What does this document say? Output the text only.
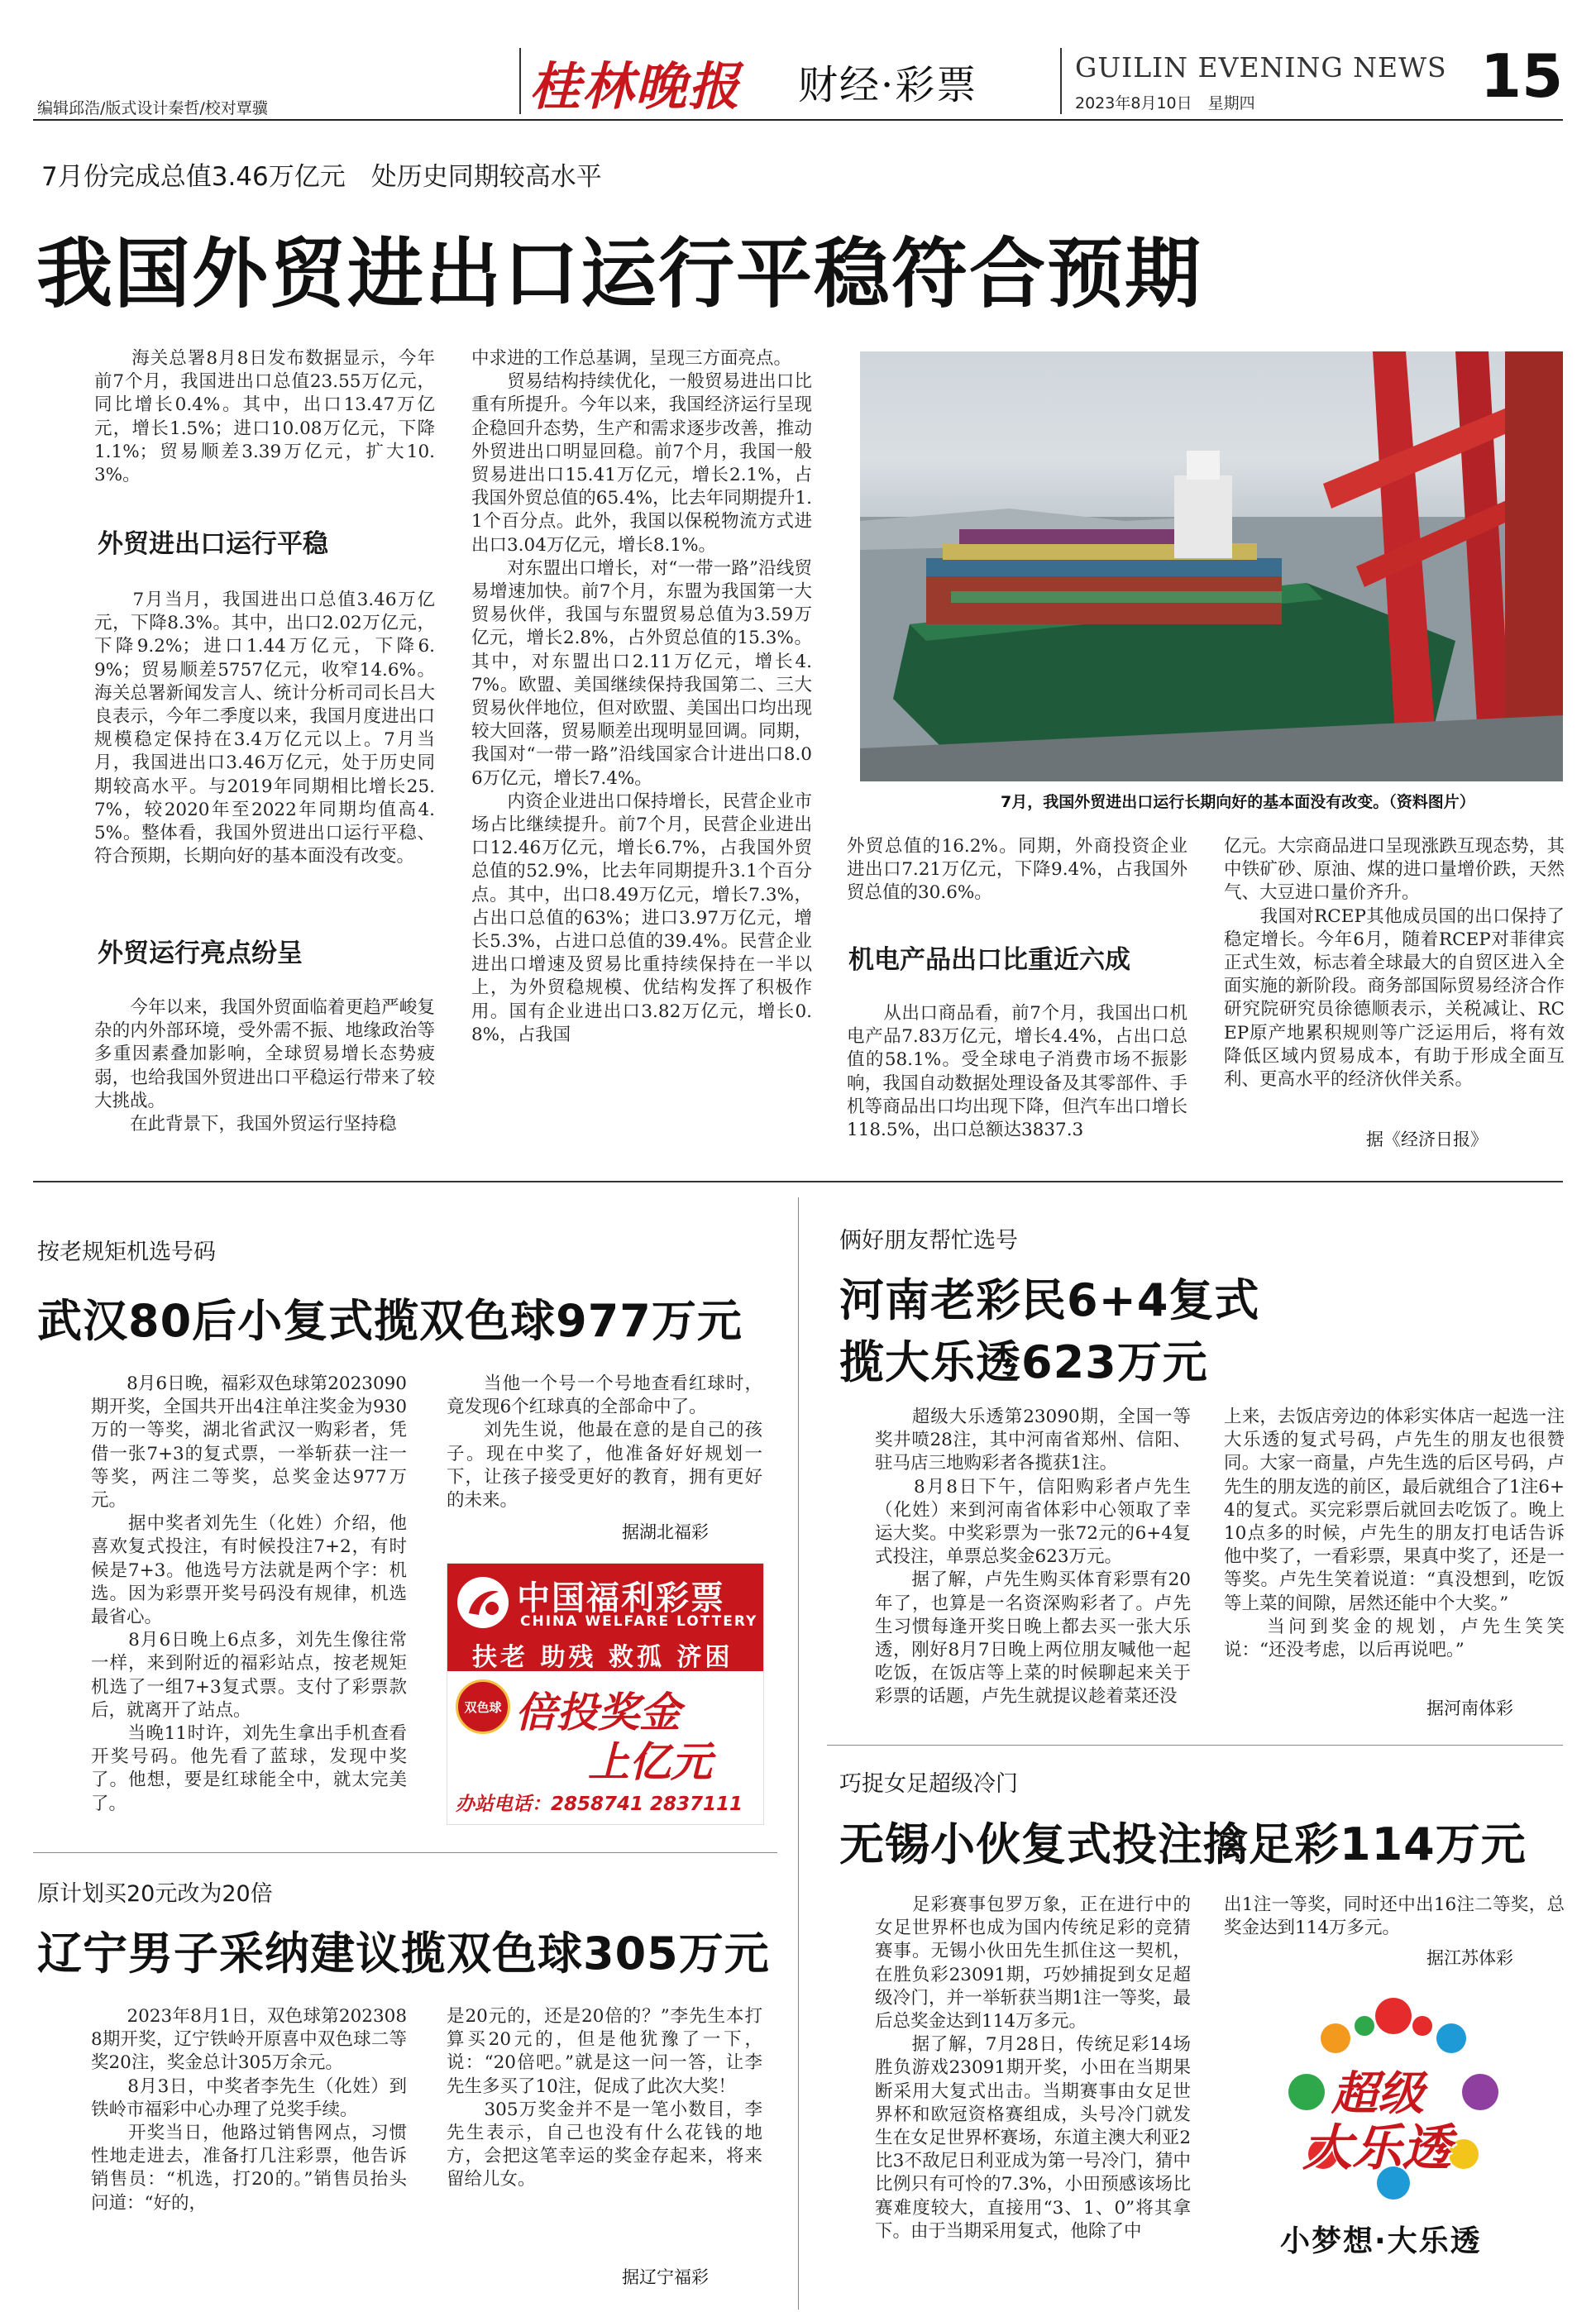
编辑邱浩/版式设计秦哲/校对覃骥	桂林晚报 财经·彩票	GUILIN EVENING NEWS
2023年8月10日　星期四	15
7月份完成总值3.46万亿元　处历史同期较高水平
我国外贸进出口运行平稳符合预期
　　海关总署8月8日发布数据显示，今年前7个月，我国进出口总值23.55万亿元，同比增长0.4%。其中，出口13.47万亿元，增长1.5%；进口10.08万亿元，下降1.1%；贸易顺差3.39万亿元，扩大10.3%。
外贸进出口运行平稳
　　7月当月，我国进出口总值3.46万亿元，下降8.3%。其中，出口2.02万亿元，下降9.2%；进口1.44万亿元，下降6.9%；贸易顺差5757亿元，收窄14.6%。海关总署新闻发言人、统计分析司司长吕大良表示，今年二季度以来，我国月度进出口规模稳定保持在3.4万亿元以上。7月当月，我国进出口3.46万亿元，处于历史同期较高水平。与2019年同期相比增长25.7%，较2020年至2022年同期均值高4.5%。整体看，我国外贸进出口运行平稳、符合预期，长期向好的基本面没有改变。
外贸运行亮点纷呈
　　今年以来，我国外贸面临着更趋严峻复杂的内外部环境，受外需不振、地缘政治等多重因素叠加影响，全球贸易增长态势疲弱，也给我国外贸进出口平稳运行带来了较大挑战。
　　在此背景下，我国外贸运行坚持稳
中求进的工作总基调，呈现三方面亮点。
　　贸易结构持续优化，一般贸易进出口比重有所提升。今年以来，我国经济运行呈现企稳回升态势，生产和需求逐步改善，推动外贸进出口明显回稳。前7个月，我国一般贸易进出口15.41万亿元，增长2.1%，占我国外贸总值的65.4%，比去年同期提升1.1个百分点。此外，我国以保税物流方式进出口3.04万亿元，增长8.1%。
　　对东盟出口增长，对“一带一路”沿线贸易增速加快。前7个月，东盟为我国第一大贸易伙伴，我国与东盟贸易总值为3.59万亿元，增长2.8%，占外贸总值的15.3%。其中，对东盟出口2.11万亿元，增长4.7%。欧盟、美国继续保持我国第二、三大贸易伙伴地位，但对欧盟、美国出口均出现较大回落，贸易顺差出现明显回调。同期，我国对“一带一路”沿线国家合计进出口8.06万亿元，增长7.4%。
　　内资企业进出口保持增长，民营企业市场占比继续提升。前7个月，民营企业进出口12.46万亿元，增长6.7%，占我国外贸总值的52.9%，比去年同期提升3.1个百分点。其中，出口8.49万亿元，增长7.3%，占出口总值的63%；进口3.97万亿元，增长5.3%，占进口总值的39.4%。民营企业进出口增速及贸易比重持续保持在一半以上，为外贸稳规模、优结构发挥了积极作用。国有企业进出口3.82万亿元，增长0.8%，占我国
7月，我国外贸进出口运行长期向好的基本面没有改变。（资料图片）
外贸总值的16.2%。同期，外商投资企业进出口7.21万亿元，下降9.4%，占我国外贸总值的30.6%。
机电产品出口比重近六成
　　从出口商品看，前7个月，我国出口机电产品7.83万亿元，增长4.4%，占出口总值的58.1%。受全球电子消费市场不振影响，我国自动数据处理设备及其零部件、手机等商品出口均出现下降，但汽车出口增长118.5%，出口总额达3837.3
亿元。大宗商品进口呈现涨跌互现态势，其中铁矿砂、原油、煤的进口量增价跌，天然气、大豆进口量价齐升。
　　我国对RCEP其他成员国的出口保持了稳定增长。今年6月，随着RCEP对菲律宾正式生效，标志着全球最大的自贸区进入全面实施的新阶段。商务部国际贸易经济合作研究院研究员徐德顺表示，关税减让、RCEP原产地累积规则等广泛运用后，将有效降低区域内贸易成本，有助于形成全面互利、更高水平的经济伙伴关系。
据《经济日报》
按老规矩机选号码
武汉80后小复式揽双色球977万元
　　8月6日晚，福彩双色球第2023090期开奖，全国共开出4注单注奖金为930万的一等奖，湖北省武汉一购彩者，凭借一张7+3的复式票，一举斩获一注一等奖，两注二等奖，总奖金达977万元。
　　据中奖者刘先生（化姓）介绍，他喜欢复式投注，有时候投注7+2，有时候是7+3。他选号方法就是两个字：机选。因为彩票开奖号码没有规律，机选最省心。
　　8月6日晚上6点多，刘先生像往常一样，来到附近的福彩站点，按老规矩机选了一组7+3复式票。支付了彩票款后，就离开了站点。
　　当晚11时许，刘先生拿出手机查看开奖号码。他先看了蓝球，发现中奖了。他想，要是红球能全中，就太完美了。
　　当他一个号一个号地查看红球时，竟发现6个红球真的全部命中了。
　　刘先生说，他最在意的是自己的孩子。现在中奖了，他准备好好规划一下，让孩子接受更好的教育，拥有更好的未来。
据湖北福彩
中国福利彩票
CHINA WELFARE LOTTERY
扶老 助残 救孤 济困
双色球 倍投奖金
上亿元
办站电话：2858741 2837111
原计划买20元改为20倍
辽宁男子采纳建议揽双色球305万元
　　2023年8月1日，双色球第2023088期开奖，辽宁铁岭开原喜中双色球二等奖20注，奖金总计305万余元。
　　8月3日，中奖者李先生（化姓）到铁岭市福彩中心办理了兑奖手续。
　　开奖当日，他路过销售网点，习惯性地走进去，准备打几注彩票，他告诉销售员：“机选，打20的。”销售员抬头问道：“好的，
是20元的，还是20倍的？”李先生本打算买20元的，但是他犹豫了一下，说：“20倍吧。”就是这一问一答，让李先生多买了10注，促成了此次大奖！
　　305万奖金并不是一笔小数目，李先生表示，自己也没有什么花钱的地方，会把这笔幸运的奖金存起来，将来留给儿女。
据辽宁福彩
俩好朋友帮忙选号
河南老彩民6+4复式
揽大乐透623万元
　　超级大乐透第23090期，全国一等奖井喷28注，其中河南省郑州、信阳、驻马店三地购彩者各揽获1注。
　　8月8日下午，信阳购彩者卢先生（化姓）来到河南省体彩中心领取了幸运大奖。中奖彩票为一张72元的6+4复式投注，单票总奖金623万元。
　　据了解，卢先生购买体育彩票有20年了，也算是一名资深购彩者了。卢先生习惯每逢开奖日晚上都去买一张大乐透，刚好8月7日晚上两位朋友喊他一起吃饭，在饭店等上菜的时候聊起来关于彩票的话题，卢先生就提议趁着菜还没
上来，去饭店旁边的体彩实体店一起选一注大乐透的复式号码，卢先生的朋友也很赞同。大家一商量，卢先生选的后区号码，卢先生的朋友选的前区，最后就组合了1注6+4的复式。买完彩票后就回去吃饭了。晚上10点多的时候，卢先生的朋友打电话告诉他中奖了，一看彩票，果真中奖了，还是一等奖。卢先生笑着说道：“真没想到，吃饭等上菜的间隙，居然还能中个大奖。”
　　当问到奖金的规划，卢先生笑笑说：“还没考虑，以后再说吧。”
据河南体彩
巧捉女足超级冷门
无锡小伙复式投注擒足彩114万元
　　足彩赛事包罗万象，正在进行中的女足世界杯也成为国内传统足彩的竞猜赛事。无锡小伙田先生抓住这一契机，在胜负彩23091期，巧妙捕捉到女足超级冷门，并一举斩获当期1注一等奖，最后总奖金达到114万多元。
　　据了解，7月28日，传统足彩14场胜负游戏23091期开奖，小田在当期果断采用大复式出击。当期赛事由女足世界杯和欧冠资格赛组成，头号冷门就发生在女足世界杯赛场，东道主澳大利亚2比3不敌尼日利亚成为第一号冷门，猜中比例只有可怜的7.3%，小田预感该场比赛难度较大，直接用“3、1、0”将其拿下。由于当期采用复式，他除了中
出1注一等奖，同时还中出16注二等奖，总奖金达到114万多元。
据江苏体彩
超级
大乐透
小梦想·大乐透
